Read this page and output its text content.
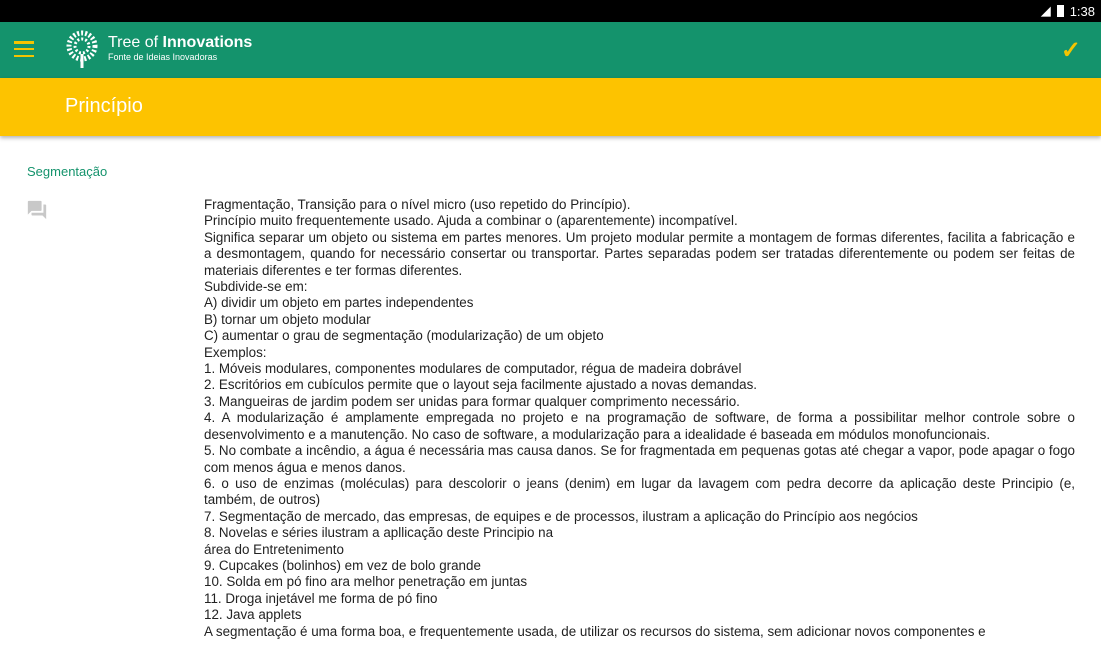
◢ 1:38
Tree of Innovations
Fonte de Ideias Inovadoras	✓
Princípio
Segmentação
Fragmentação, Transição para o nível micro (uso repetido do Princípio).
Princípio muito frequentemente usado. Ajuda a combinar o (aparentemente) incompatível.
Significa separar um objeto ou sistema em partes menores. Um projeto modular permite a montagem de formas diferentes, facilita a fabricação e a desmontagem, quando for necessário consertar ou transportar. Partes separadas podem ser tratadas diferentemente ou podem ser feitas de materiais diferentes e ter formas diferentes.
Subdivide-se em:
A) dividir um objeto em partes independentes
B) tornar um objeto modular
C) aumentar o grau de segmentação (modularização) de um objeto
Exemplos:
1. Móveis modulares, componentes modulares de computador, régua de madeira dobrável
2. Escritórios em cubículos permite que o layout seja facilmente ajustado a novas demandas.
3. Mangueiras de jardim podem ser unidas para formar qualquer comprimento necessário.
4. A modularização é amplamente empregada no projeto e na programação de software, de forma a possibilitar melhor controle sobre o desenvolvimento e a manutenção. No caso de software, a modularização para a idealidade é baseada em módulos monofuncionais.
5. No combate a incêndio, a água é necessária mas causa danos. Se for fragmentada em pequenas gotas até chegar a vapor, pode apagar o fogo com menos água e menos danos.
6. o uso de enzimas (moléculas) para descolorir o jeans (denim) em lugar da lavagem com pedra decorre da aplicação deste Principio (e, também, de outros)
7. Segmentação de mercado, das empresas, de equipes e de processos, ilustram a aplicação do Princípio aos negócios
8. Novelas e séries ilustram a apllicação deste Principio na
área do Entretenimento
9. Cupcakes (bolinhos) em vez de bolo grande
10. Solda em pó fino ara melhor penetração em juntas
11. Droga injetável me forma de pó fino
12. Java applets
A segmentação é uma forma boa, e frequentemente usada, de utilizar os recursos do sistema, sem adicionar novos componentes e
